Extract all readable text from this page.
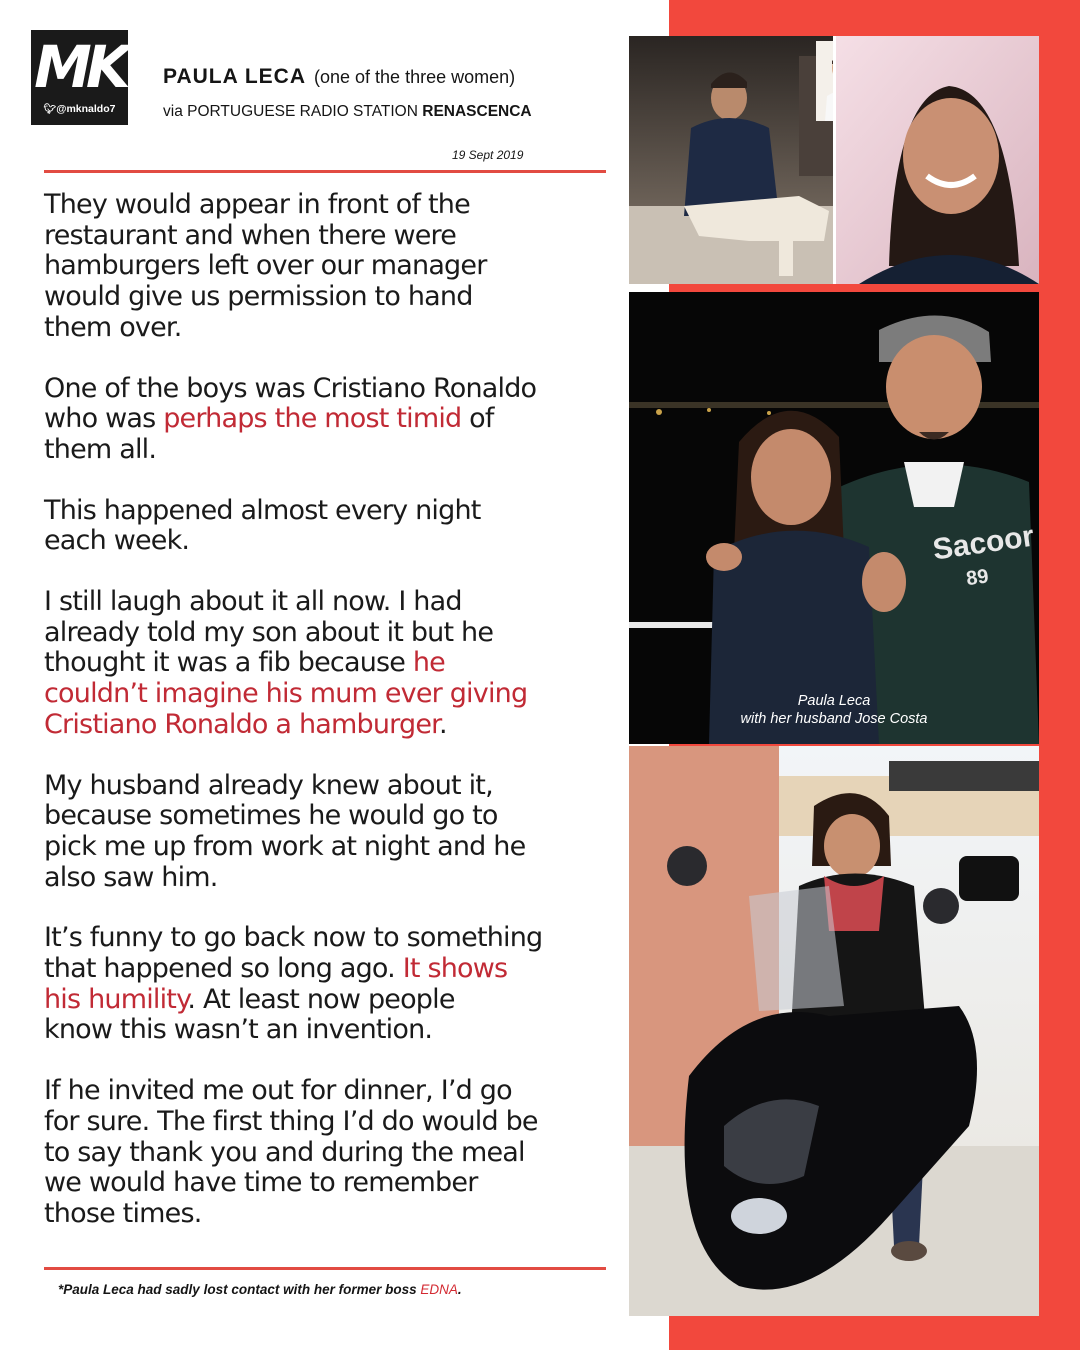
MK
🐦︎@mknaldo7
PAULA LECA (one of the three women)
via PORTUGUESE RADIO STATION RENASCENCA
19 Sept 2019

They would appear in front of the
restaurant and when there were
hamburgers left over our manager
would give us permission to hand
them over.

One of the boys was Cristiano Ronaldo
who was perhaps the most timid of
them all.

This happened almost every night
each week.

I still laugh about it all now. I had
already told my son about it but he
thought it was a fib because he
couldn’t imagine his mum ever giving
Cristiano Ronaldo a hamburger.

My husband already knew about it,
because sometimes he would go to
pick me up from work at night and he
also saw him.

It’s funny to go back now to something
that happened so long ago. It shows
his humility. At least now people
know this wasn’t an invention.

If he invited me out for dinner, I’d go
for sure. The first thing I’d do would be
to say thank you and during the meal
we would have time to remember
those times.

*Paula Leca had sadly lost contact with her former boss EDNA.
Sacoor
89
Paula Leca
with her husband Jose Costa
